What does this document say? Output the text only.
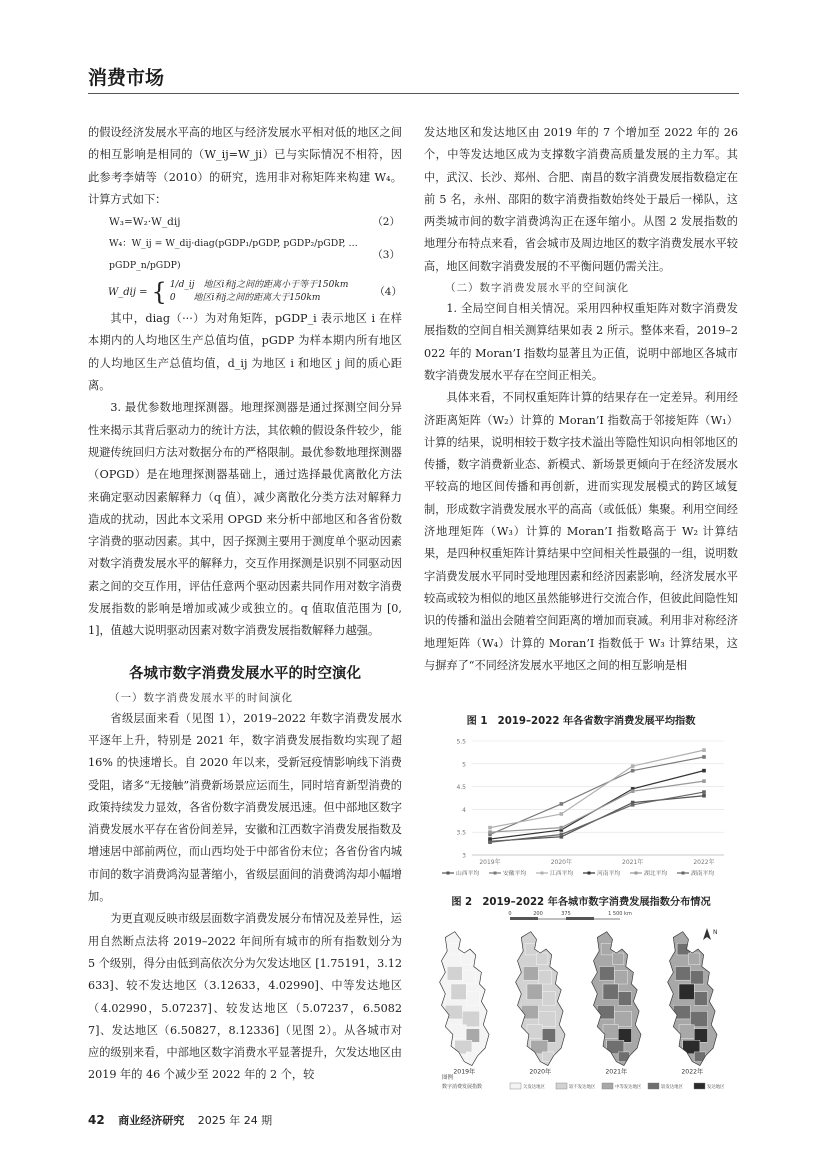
消费市场

的假设经济发展水平高的地区与经济发展水平相对低的地区之间的相互影响是相同的（W_ij=W_ji）已与实际情况不相符，因此参考李婧等（2010）的研究，选用非对称矩阵来构建 W₄。计算方式如下：

W₃=W₂·W_dij	（2）
W₄：W_ij = W_dij·diag(pGDP₁/pGDP, pGDP₂/pGDP, … pGDP_n/pGDP)
（3）
W_dij = { 1/d_ij　地区i和j之间的距离小于等于150km
0　　地区i和j之间的距离大于150km
（4）

其中，diag（···）为对角矩阵，pGDP_i 表示地区 i 在样本期内的人均地区生产总值均值，pGDP 为样本期内所有地区的人均地区生产总值均值，d_ij 为地区 i 和地区 j 间的质心距离。

3. 最优参数地理探测器。地理探测器是通过探测空间分异性来揭示其背后驱动力的统计方法，其依赖的假设条件较少，能规避传统回归方法对数据分布的严格限制。最优参数地理探测器（OPGD）是在地理探测器基础上，通过选择最优离散化方法来确定驱动因素解释力（q 值），减少离散化分类方法对解释力造成的扰动，因此本文采用 OPGD 来分析中部地区和各省份数字消费的驱动因素。其中，因子探测主要用于测度单个驱动因素对数字消费发展水平的解释力，交互作用探测是识别不同驱动因素之间的交互作用，评估任意两个驱动因素共同作用对数字消费发展指数的影响是增加或减少或独立的。q 值取值范围为 [0, 1]，值越大说明驱动因素对数字消费发展指数解释力越强。

各城市数字消费发展水平的时空演化

（一）数字消费发展水平的时间演化

省级层面来看（见图 1），2019–2022 年数字消费发展水平逐年上升，特别是 2021 年，数字消费发展指数均实现了超 16% 的快速增长。自 2020 年以来，受新冠疫情影响线下消费受阻，诸多“无接触”消费新场景应运而生，同时培育新型消费的政策持续发力显效，各省份数字消费发展迅速。但中部地区数字消费发展水平存在省份间差异，安徽和江西数字消费发展指数及增速居中部前两位，而山西均处于中部省份末位；各省份省内城市间的数字消费鸿沟显著缩小，省级层面间的消费鸿沟却小幅增加。

为更直观反映市级层面数字消费发展分布情况及差异性，运用自然断点法将 2019–2022 年间所有城市的所有指数划分为 5 个级别，得分由低到高依次分为欠发达地区 [1.75191，3.12633]、较不发达地区（3.12633，4.02990]、中等发达地区（4.02990，5.07237]、较发达地区（5.07237，6.50827]、发达地区（6.50827，8.12336]（见图 2）。从各城市对应的级别来看，中部地区数字消费水平显著提升，欠发达地区由 2019 年的 46 个减少至 2022 年的 2 个，较

发达地区和发达地区由 2019 年的 7 个增加至 2022 年的 26 个，中等发达地区成为支撑数字消费高质量发展的主力军。其中，武汉、长沙、郑州、合肥、南昌的数字消费发展指数稳定在前 5 名，永州、邵阳的数字消费指数始终处于最后一梯队，这两类城市间的数字消费鸿沟正在逐年缩小。从图 2 发展指数的地理分布特点来看，省会城市及周边地区的数字消费发展水平较高，地区间数字消费发展的不平衡问题仍需关注。

（二）数字消费发展水平的空间演化

1. 全局空间自相关情况。采用四种权重矩阵对数字消费发展指数的空间自相关测算结果如表 2 所示。整体来看，2019–2022 年的 Moran’I 指数均显著且为正值，说明中部地区各城市数字消费发展水平存在空间正相关。

具体来看，不同权重矩阵计算的结果存在一定差异。利用经济距离矩阵（W₂）计算的 Moran’I 指数高于邻接矩阵（W₁）计算的结果，说明相较于数字技术溢出等隐性知识向相邻地区的传播，数字消费新业态、新模式、新场景更倾向于在经济发展水平较高的地区间传播和再创新，进而实现发展模式的跨区域复制，形成数字消费发展水平的高高（或低低）集聚。利用空间经济地理矩阵（W₃）计算的 Moran’I 指数略高于 W₂ 计算结果，是四种权重矩阵计算结果中空间相关性最强的一组，说明数字消费发展水平同时受地理因素和经济因素影响，经济发展水平较高或较为相似的地区虽然能够进行交流合作，但彼此间隐性知识的传播和溢出会随着空间距离的增加而衰减。利用非对称经济地理矩阵（W₄）计算的 Moran’I 指数低于 W₃ 计算结果，这与摒弃了“不同经济发展水平地区之间的相互影响是相

图 1　2019–2022 年各省数字消费发展平均指数

3
3.5
4
4.5
5
5.5
2019年	2020年	2021年	2022年
山西平均	安徽平均	江西平均	河南平均	湖北平均	湖南平均

图 2　2019–2022 年各城市数字消费发展指数分布情况

N
2019年	2020年	2021年	2022年
图例
数字消费发展指数	欠发达地区	较不发达地区	中等发达地区	较发达地区	发达地区
0	200	375	1 500 km
42 商业经济研究 2025 年 24 期
